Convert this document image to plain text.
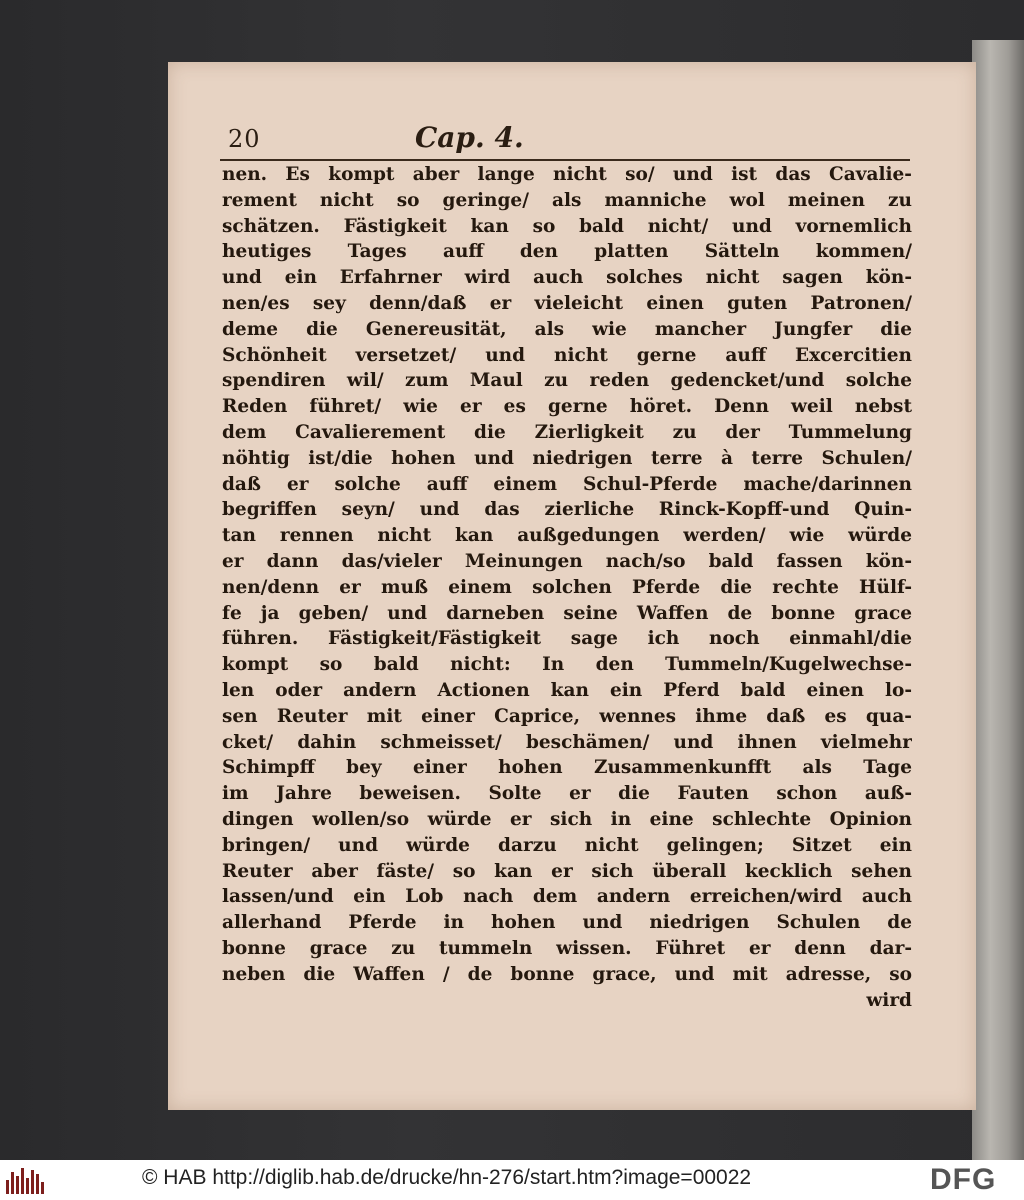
20	Cap. 4.
nen. Es kompt aber lange nicht so/ und ist das Cavalie-
rement nicht so geringe/ als manniche wol meinen zu
schätzen. Fästigkeit kan so bald nicht/ und vornemlich
heutiges Tages auff den platten Sätteln kommen/
und ein Erfahrner wird auch solches nicht sagen kön-
nen/es sey denn/daß er vieleicht einen guten Patronen/
deme die Genereusität, als wie mancher Jungfer die
Schönheit versetzet/ und nicht gerne auff Excercitien
spendiren wil/ zum Maul zu reden gedencket/und solche
Reden führet/ wie er es gerne höret. Denn weil nebst
dem Cavalierement die Zierligkeit zu der Tummelung
nöhtig ist/die hohen und niedrigen terre à terre Schulen/
daß er solche auff einem Schul-Pferde mache/darinnen
begriffen seyn/ und das zierliche Rinck-Kopff-und Quin-
tan rennen nicht kan außgedungen werden/ wie würde
er dann das/vieler Meinungen nach/so bald fassen kön-
nen/denn er muß einem solchen Pferde die rechte Hülf-
fe ja geben/ und darneben seine Waffen de bonne grace
führen. Fästigkeit/Fästigkeit sage ich noch einmahl/die
kompt so bald nicht: In den Tummeln/Kugelwechse-
len oder andern Actionen kan ein Pferd bald einen lo-
sen Reuter mit einer Caprice, wennes ihme daß es qua-
cket/ dahin schmeisset/ beschämen/ und ihnen vielmehr
Schimpff bey einer hohen Zusammenkunfft als Tage
im Jahre beweisen. Solte er die Fauten schon auß-
dingen wollen/so würde er sich in eine schlechte Opinion
bringen/ und würde darzu nicht gelingen; Sitzet ein
Reuter aber fäste/ so kan er sich überall kecklich sehen
lassen/und ein Lob nach dem andern erreichen/wird auch
allerhand Pferde in hohen und niedrigen Schulen de
bonne grace zu tummeln wissen. Führet er denn dar-
neben die Waffen / de bonne grace, und mit adresse, so
wird
© HAB http://diglib.hab.de/drucke/hn-276/start.htm?image=00022	DFG
